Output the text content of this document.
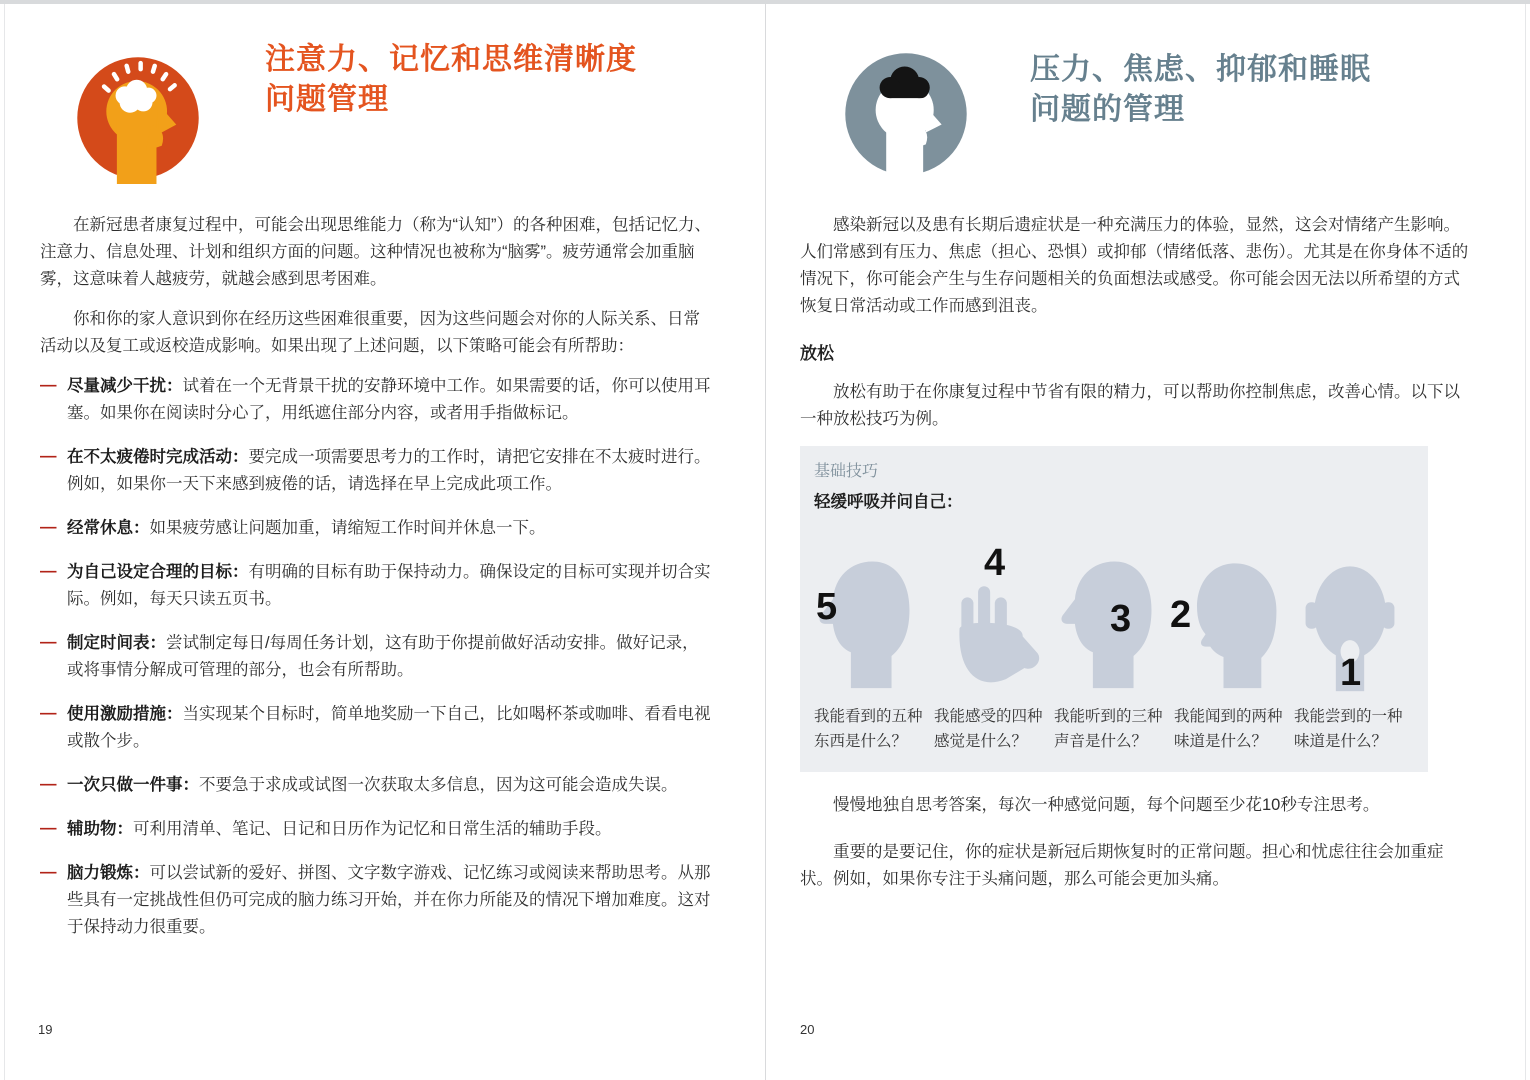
注意力、记忆和思维清晰度
问题管理

在新冠患者康复过程中，可能会出现思维能力（称为“认知”）的各种困难，包括记忆力、注意力、信息处理、计划和组织方面的问题。这种情况也被称为“脑雾”。疲劳通常会加重脑雾，这意味着人越疲劳，就越会感到思考困难。

你和你的家人意识到你在经历这些困难很重要，因为这些问题会对你的人际关系、日常活动以及复工或返校造成影响。如果出现了上述问题，以下策略可能会有所帮助：

— 尽量减少干扰：试着在一个无背景干扰的安静环境中工作。如果需要的话，你可以使用耳塞。如果你在阅读时分心了，用纸遮住部分内容，或者用手指做标记。
— 在不太疲倦时完成活动：要完成一项需要思考力的工作时，请把它安排在不太疲时进行。例如，如果你一天下来感到疲倦的话，请选择在早上完成此项工作。
— 经常休息：如果疲劳感让问题加重，请缩短工作时间并休息一下。
— 为自己设定合理的目标：有明确的目标有助于保持动力。确保设定的目标可实现并切合实际。例如，每天只读五页书。
— 制定时间表：尝试制定每日/每周任务计划，这有助于你提前做好活动安排。做好记录，或将事情分解成可管理的部分，也会有所帮助。
— 使用激励措施：当实现某个目标时，简单地奖励一下自己，比如喝杯茶或咖啡、看看电视或散个步。
— 一次只做一件事：不要急于求成或试图一次获取太多信息，因为这可能会造成失误。
— 辅助物：可利用清单、笔记、日记和日历作为记忆和日常生活的辅助手段。
— 脑力锻炼：可以尝试新的爱好、拼图、文字数字游戏、记忆练习或阅读来帮助思考。从那些具有一定挑战性但仍可完成的脑力练习开始，并在你力所能及的情况下增加难度。这对于保持动力很重要。
19
压力、焦虑、抑郁和睡眠
问题的管理

感染新冠以及患有长期后遗症状是一种充满压力的体验，显然，这会对情绪产生影响。人们常感到有压力、焦虑（担心、恐惧）或抑郁（情绪低落、悲伤）。尤其是在你身体不适的情况下，你可能会产生与生存问题相关的负面想法或感受。你可能会因无法以所希望的方式恢复日常活动或工作而感到沮丧。

放松

放松有助于在你康复过程中节省有限的精力，可以帮助你控制焦虑，改善心情。以下以一种放松技巧为例。

基础技巧

轻缓呼吸并问自己：

5
我能看到的五种东西是什么？
4
我能感受的四种感觉是什么？
3
我能听到的三种声音是什么？
2
我能闻到的两种味道是什么？
1
我能尝到的一种味道是什么？

慢慢地独自思考答案，每次一种感觉问题，每个问题至少花10秒专注思考。

重要的是要记住，你的症状是新冠后期恢复时的正常问题。担心和忧虑往往会加重症状。例如，如果你专注于头痛问题，那么可能会更加头痛。

20
